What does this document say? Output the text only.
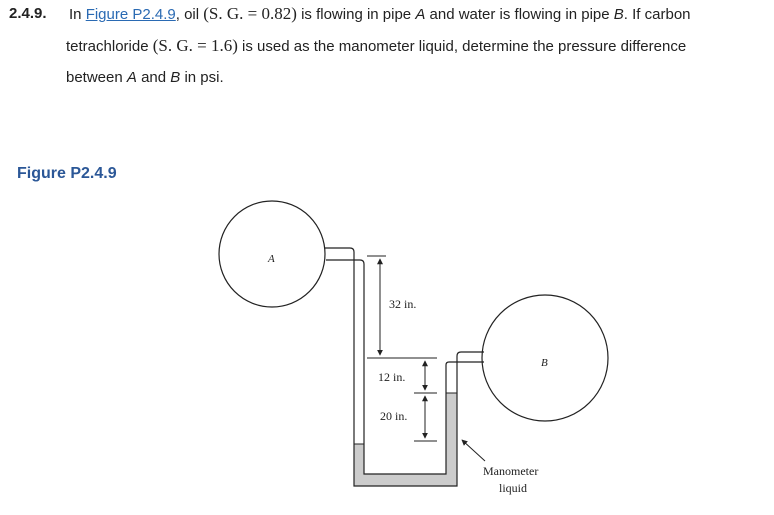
2.4.9. In Figure P2.4.9, oil (S. G. = 0.82) is flowing in pipe A and water is flowing in pipe B. If carbon
tetrachloride (S. G. = 1.6) is used as the manometer liquid, determine the pressure difference
between A and B in psi.
Figure P2.4.9
A
B
32 in.
12 in.
20 in.
Manometer
liquid
